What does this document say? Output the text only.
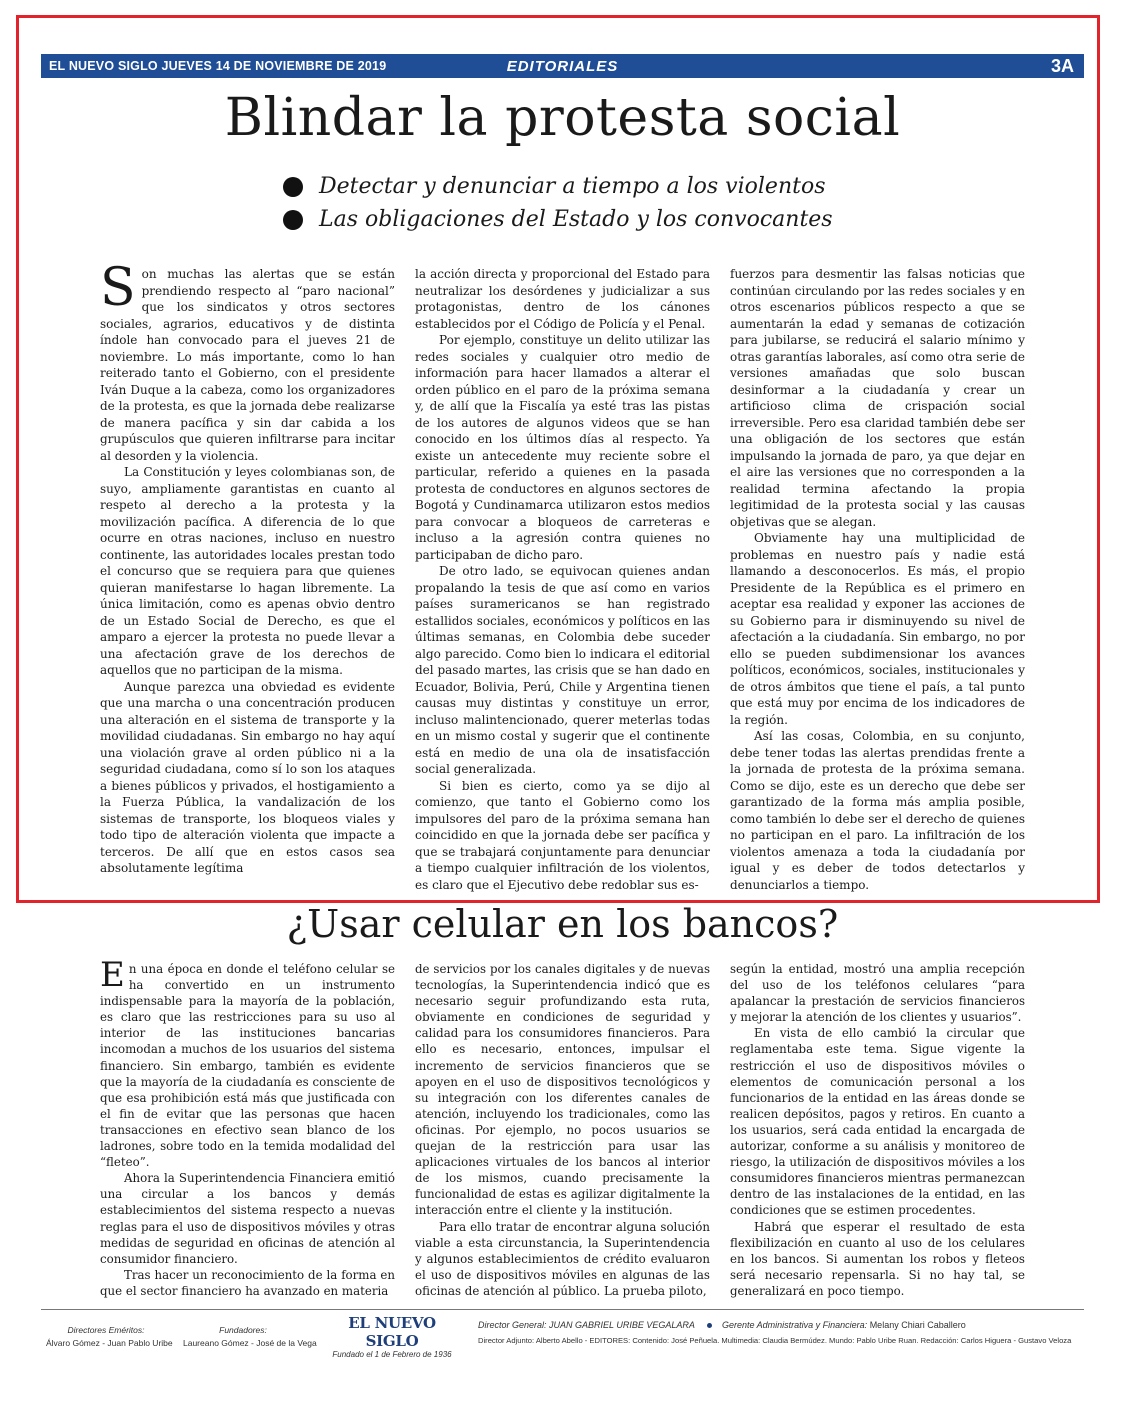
EL NUEVO SIGLO JUEVES 14 DE NOVIEMBRE DE 2019	EDITORIALES	3A
Blindar la protesta social
Detectar y denunciar a tiempo a los violentos
Las obligaciones del Estado y los convocantes

Son muchas las alertas que se están prendiendo respecto al “paro nacional” que los sindicatos y otros sectores sociales, agrarios, educativos y de distinta índole han convocado para el jueves 21 de noviembre. Lo más importante, como lo han reiterado tanto el Gobierno, con el presidente Iván Duque a la cabeza, como los organizadores de la protesta, es que la jornada debe realizarse de manera pacífica y sin dar cabida a los grupúsculos que quieren infiltrarse para incitar al desorden y la violencia.

La Constitución y leyes colombianas son, de suyo, ampliamente garantistas en cuanto al respeto al derecho a la protesta y la movilización pacífica. A diferencia de lo que ocurre en otras naciones, incluso en nuestro continente, las autoridades locales prestan todo el concurso que se requiera para que quienes quieran manifestarse lo hagan libremente. La única limitación, como es apenas obvio dentro de un Estado Social de Derecho, es que el amparo a ejercer la protesta no puede llevar a una afectación grave de los derechos de aquellos que no participan de la misma.

Aunque parezca una obviedad es evidente que una marcha o una concentración producen una alteración en el sistema de transporte y la movilidad ciudadanas. Sin embargo no hay aquí una violación grave al orden público ni a la seguridad ciudadana, como sí lo son los ataques a bienes públicos y privados, el hostigamiento a la Fuerza Pública, la vandalización de los sistemas de transporte, los bloqueos viales y todo tipo de alteración violenta que impacte a terceros. De allí que en estos casos sea absolutamente legítima

la acción directa y proporcional del Estado para neutralizar los desórdenes y judicializar a sus protagonistas, dentro de los cánones establecidos por el Código de Policía y el Penal.

Por ejemplo, constituye un delito utilizar las redes sociales y cualquier otro medio de información para hacer llamados a alterar el orden público en el paro de la próxima semana y, de allí que la Fiscalía ya esté tras las pistas de los autores de algunos videos que se han conocido en los últimos días al respecto. Ya existe un antecedente muy reciente sobre el particular, referido a quienes en la pasada protesta de conductores en algunos sectores de Bogotá y Cundinamarca utilizaron estos medios para convocar a bloqueos de carreteras e incluso a la agresión contra quienes no participaban de dicho paro.

De otro lado, se equivocan quienes andan propalando la tesis de que así como en varios países suramericanos se han registrado estallidos sociales, económicos y políticos en las últimas semanas, en Colombia debe suceder algo parecido. Como bien lo indicara el editorial del pasado martes, las crisis que se han dado en Ecuador, Bolivia, Perú, Chile y Argentina tienen causas muy distintas y constituye un error, incluso malintencionado, querer meterlas todas en un mismo costal y sugerir que el continente está en medio de una ola de insatisfacción social generalizada.

Si bien es cierto, como ya se dijo al comienzo, que tanto el Gobierno como los impulsores del paro de la próxima semana han coincidido en que la jornada debe ser pacífica y que se trabajará conjuntamente para denunciar a tiempo cualquier infiltración de los violentos, es claro que el Ejecutivo debe redoblar sus es-

fuerzos para desmentir las falsas noticias que continúan circulando por las redes sociales y en otros escenarios públicos respecto a que se aumentarán la edad y semanas de cotización para jubilarse, se reducirá el salario mínimo y otras garantías laborales, así como otra serie de versiones amañadas que solo buscan desinformar a la ciudadanía y crear un artificioso clima de crispación social irreversible. Pero esa claridad también debe ser una obligación de los sectores que están impulsando la jornada de paro, ya que dejar en el aire las versiones que no corresponden a la realidad termina afectando la propia legitimidad de la protesta social y las causas objetivas que se alegan.

Obviamente hay una multiplicidad de problemas en nuestro país y nadie está llamando a desconocerlos. Es más, el propio Presidente de la República es el primero en aceptar esa realidad y exponer las acciones de su Gobierno para ir disminuyendo su nivel de afectación a la ciudadanía. Sin embargo, no por ello se pueden subdimensionar los avances políticos, económicos, sociales, institucionales y de otros ámbitos que tiene el país, a tal punto que está muy por encima de los indicadores de la región.

Así las cosas, Colombia, en su conjunto, debe tener todas las alertas prendidas frente a la jornada de protesta de la próxima semana. Como se dijo, este es un derecho que debe ser garantizado de la forma más amplia posible, como también lo debe ser el derecho de quienes no participan en el paro. La infiltración de los violentos amenaza a toda la ciudadanía por igual y es deber de todos detectarlos y denunciarlos a tiempo.

¿Usar celular en los bancos?

En una época en donde el teléfono celular se ha convertido en un instrumento indispensable para la mayoría de la población, es claro que las restricciones para su uso al interior de las instituciones bancarias incomodan a muchos de los usuarios del sistema financiero. Sin embargo, también es evidente que la mayoría de la ciudadanía es consciente de que esa prohibición está más que justificada con el fin de evitar que las personas que hacen transacciones en efectivo sean blanco de los ladrones, sobre todo en la temida modalidad del “fleteo”.

Ahora la Superintendencia Financiera emitió una circular a los bancos y demás establecimientos del sistema respecto a nuevas reglas para el uso de dispositivos móviles y otras medidas de seguridad en oficinas de atención al consumidor financiero.

Tras hacer un reconocimiento de la forma en que el sector financiero ha avanzado en materia

de servicios por los canales digitales y de nuevas tecnologías, la Superintendencia indicó que es necesario seguir profundizando esta ruta, obviamente en condiciones de seguridad y calidad para los consumidores financieros. Para ello es necesario, entonces, impulsar el incremento de servicios financieros que se apoyen en el uso de dispositivos tecnológicos y su integración con los diferentes canales de atención, incluyendo los tradicionales, como las oficinas. Por ejemplo, no pocos usuarios se quejan de la restricción para usar las aplicaciones virtuales de los bancos al interior de los mismos, cuando precisamente la funcionalidad de estas es agilizar digitalmente la interacción entre el cliente y la institución.

Para ello tratar de encontrar alguna solución viable a esta circunstancia, la Superintendencia y algunos establecimientos de crédito evaluaron el uso de dispositivos móviles en algunas de las oficinas de atención al público. La prueba piloto,

según la entidad, mostró una amplia recepción del uso de los teléfonos celulares “para apalancar la prestación de servicios financieros y mejorar la atención de los clientes y usuarios”.

En vista de ello cambió la circular que reglamentaba este tema. Sigue vigente la restricción el uso de dispositivos móviles o elementos de comunicación personal a los funcionarios de la entidad en las áreas donde se realicen depósitos, pagos y retiros. En cuanto a los usuarios, será cada entidad la encargada de autorizar, conforme a su análisis y monitoreo de riesgo, la utilización de dispositivos móviles a los consumidores financieros mientras permanezcan dentro de las instalaciones de la entidad, en las condiciones que se estimen procedentes.

Habrá que esperar el resultado de esta flexibilización en cuanto al uso de los celulares en los bancos. Si aumentan los robos y fleteos será necesario repensarla. Si no hay tal, se generalizará en poco tiempo.

Directores Eméritos:
Álvaro Gómez - Juan Pablo Uribe
Fundadores:
Laureano Gómez - José de la Vega
EL NUEVO SIGLO
Fundado el 1 de Febrero de 1936
Director General: JUAN GABRIEL URIBE VEGALARA	Gerente Administrativa y Financiera: Melany Chiari Caballero
Director Adjunto: Alberto Abello - EDITORES: Contenido: José Peñuela. Multimedia: Claudia Bermúdez. Mundo: Pablo Uribe Ruan. Redacción: Carlos Higuera - Gustavo Veloza
